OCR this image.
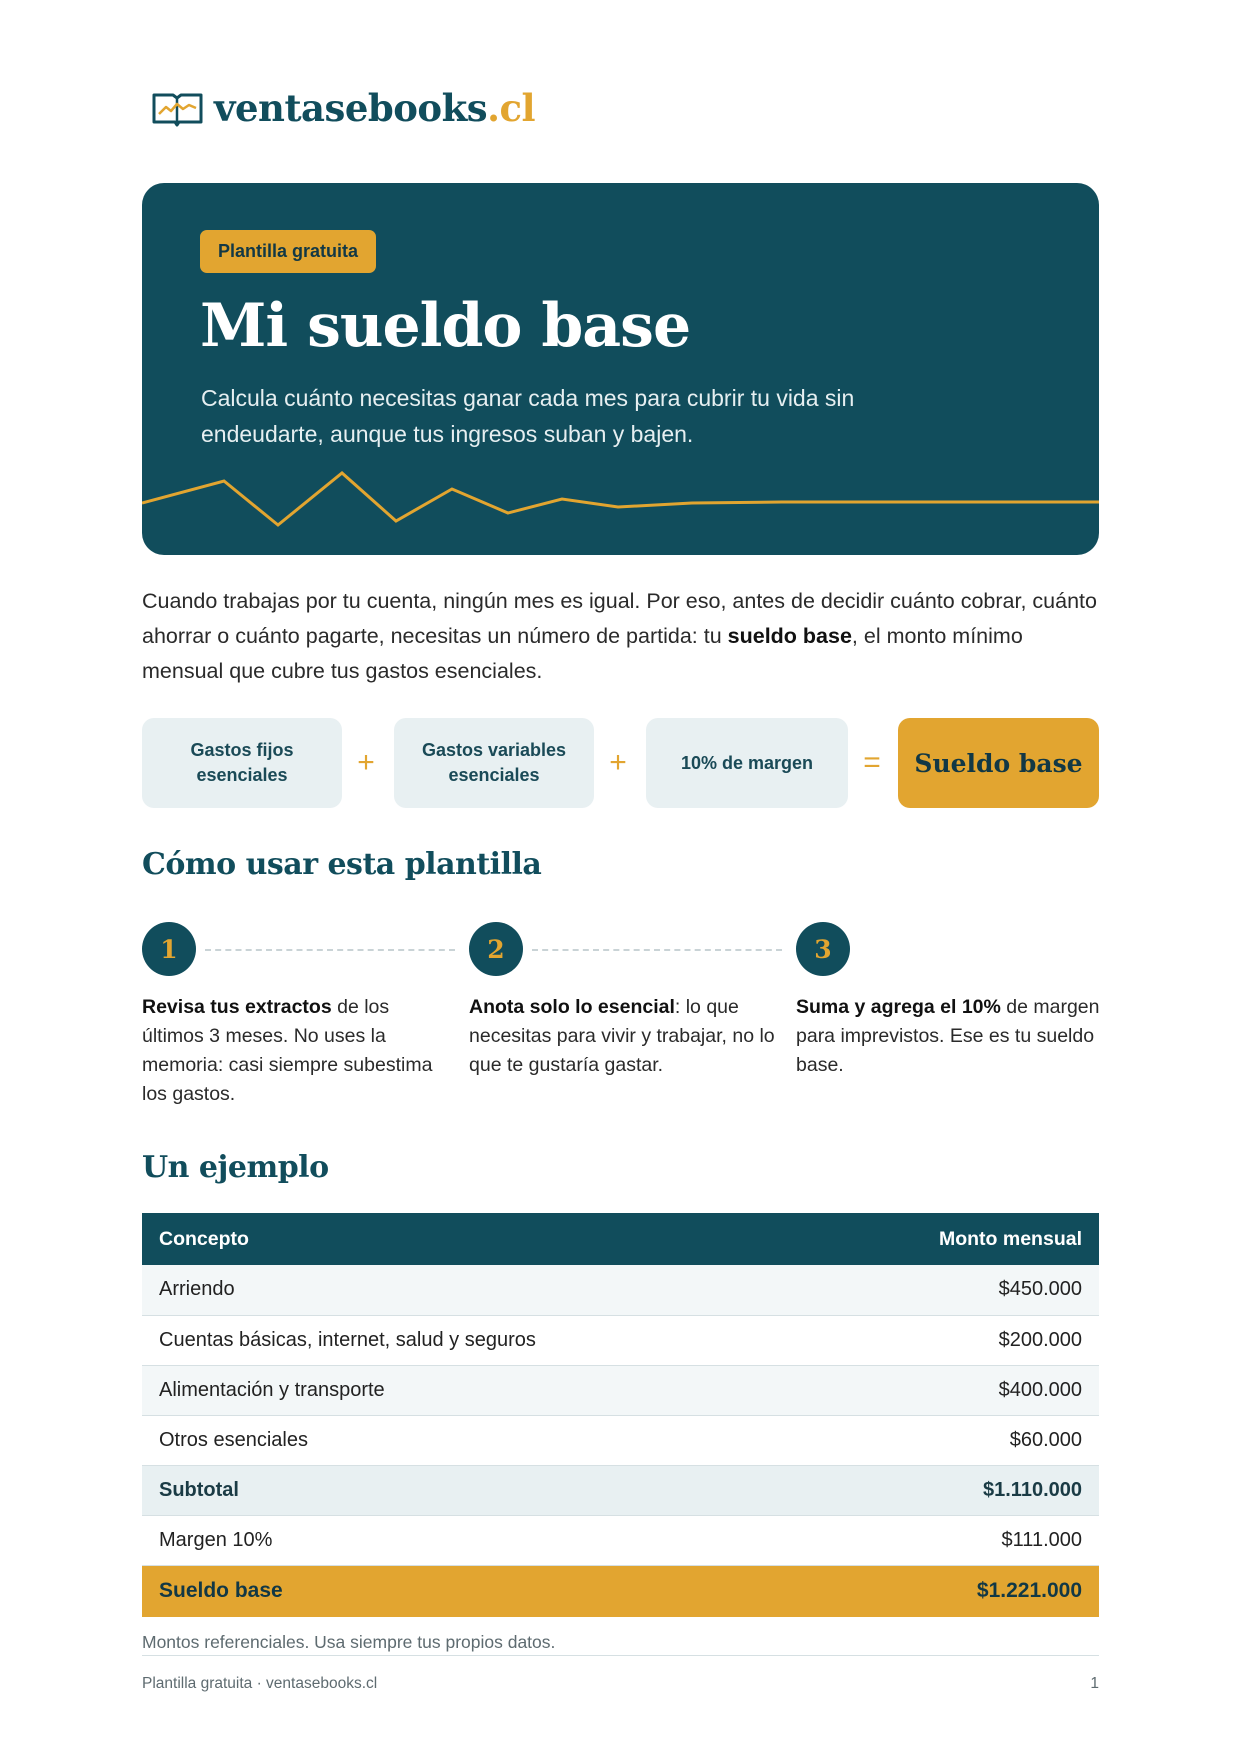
ventasebooks.cl
Plantilla gratuita
Mi sueldo base

Calcula cuánto necesitas ganar cada mes para cubrir tu vida sin endeudarte, aunque tus ingresos suban y bajen.

Cuando trabajas por tu cuenta, ningún mes es igual. Por eso, antes de decidir cuánto cobrar, cuánto ahorrar o cuánto pagarte, necesitas un número de partida: tu sueldo base, el monto mínimo mensual que cubre tus gastos esenciales.

Gastos fijos
esenciales	+	Gastos variables
esenciales	+	10% de margen	=	Sueldo base
Cómo usar esta plantilla
1

Revisa tus extractos de los últimos 3 meses. No uses la memoria: casi siempre subestima los gastos.

2

Anota solo lo esencial: lo que necesitas para vivir y trabajar, no lo que te gustaría gastar.

3

Suma y agrega el 10% de margen para imprevistos. Ese es tu sueldo base.

Un ejemplo
Concepto	Monto mensual
Arriendo	$450.000
Cuentas básicas, internet, salud y seguros	$200.000
Alimentación y transporte	$400.000
Otros esenciales	$60.000
Subtotal	$1.110.000
Margen 10%	$111.000
Sueldo base	$1.221.000

Montos referenciales. Usa siempre tus propios datos.

Plantilla gratuita · ventasebooks.cl	1
